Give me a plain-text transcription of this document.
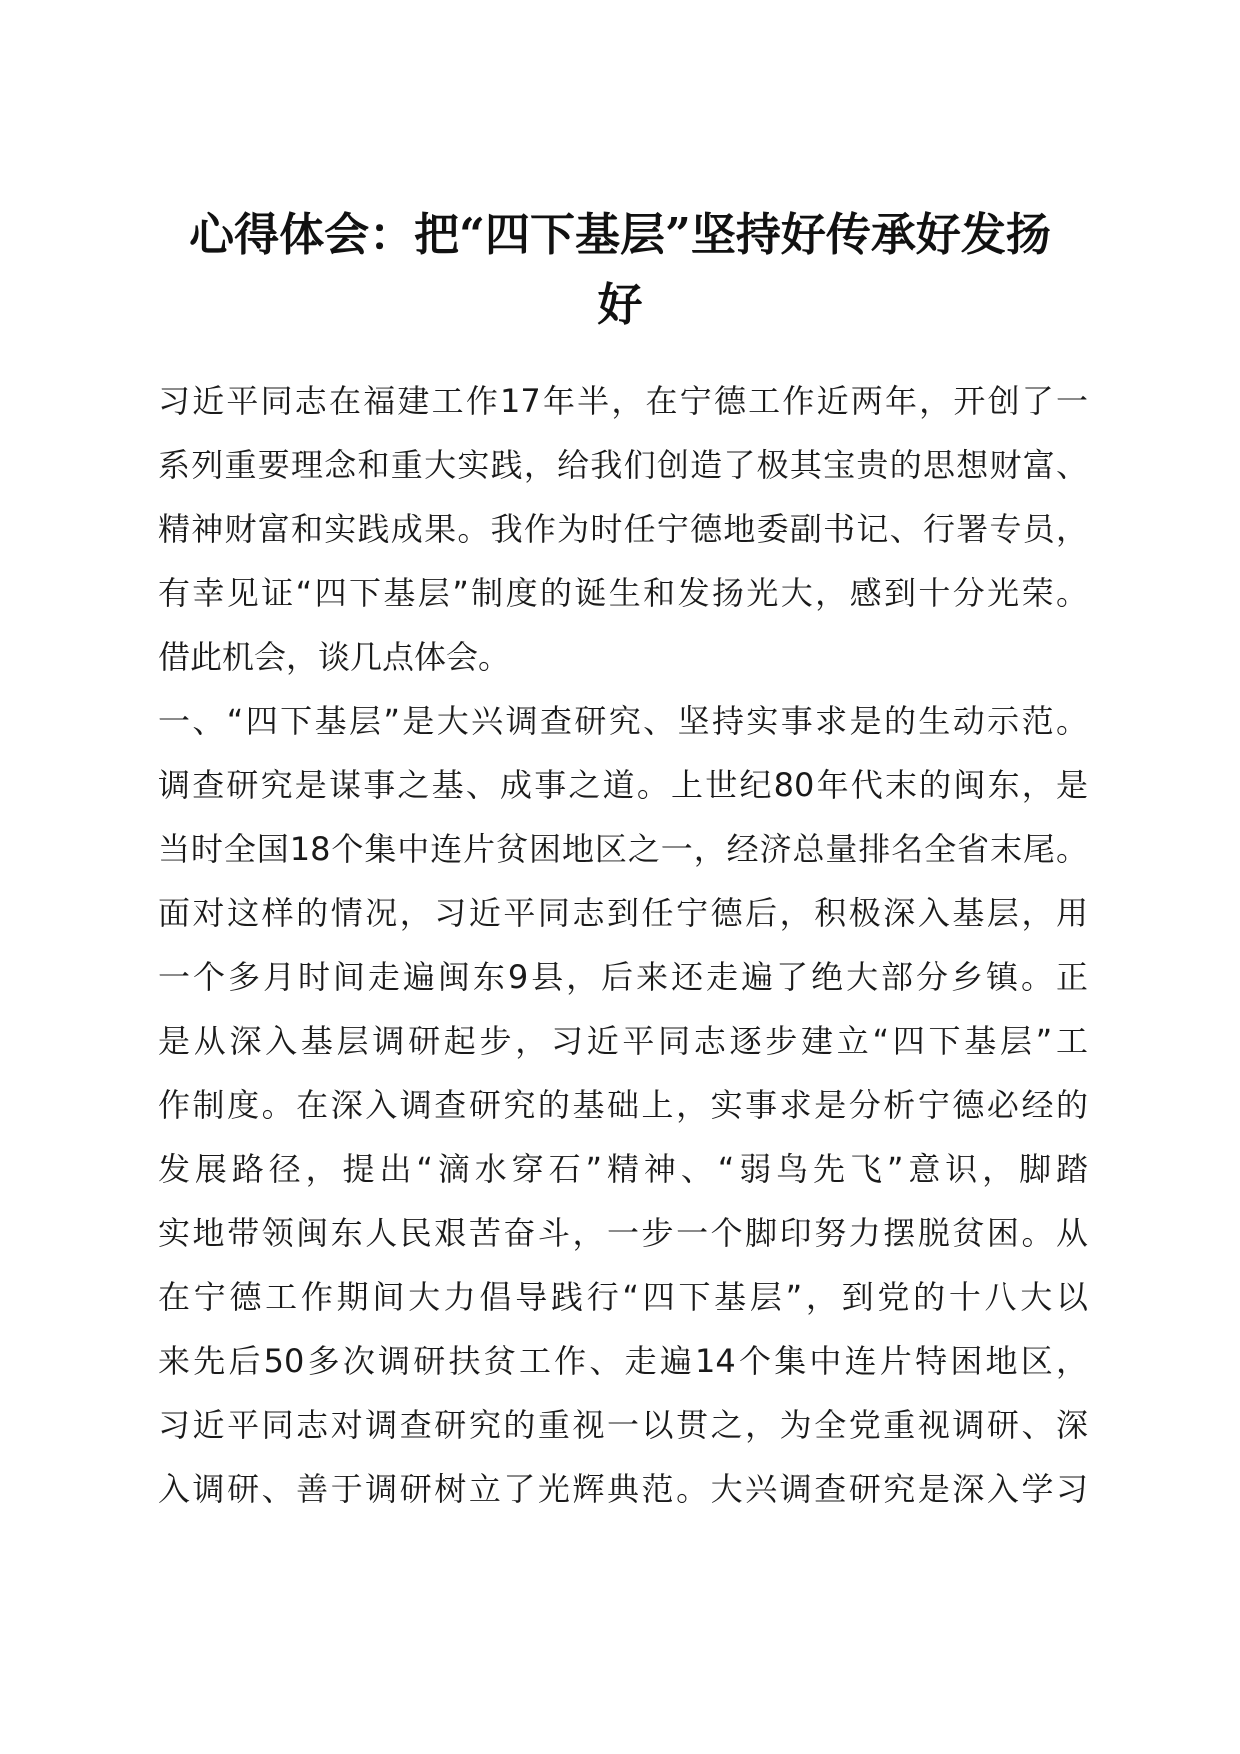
心得体会：把“四下基层”坚持好传承好发扬
好
习近平同志在福建工作17年半，在宁德工作近两年，开创了一
系列重要理念和重大实践，给我们创造了极其宝贵的思想财富、
精神财富和实践成果。我作为时任宁德地委副书记、行署专员，
有幸见证“四下基层”制度的诞生和发扬光大，感到十分光荣。
借此机会，谈几点体会。
一、“四下基层”是大兴调查研究、坚持实事求是的生动示范。
调查研究是谋事之基、成事之道。上世纪80年代末的闽东，是
当时全国18个集中连片贫困地区之一，经济总量排名全省末尾。
面对这样的情况，习近平同志到任宁德后，积极深入基层，用
一个多月时间走遍闽东9县，后来还走遍了绝大部分乡镇。正
是从深入基层调研起步，习近平同志逐步建立“四下基层”工
作制度。在深入调查研究的基础上，实事求是分析宁德必经的
发展路径，提出“滴水穿石”精神、“弱鸟先飞”意识，脚踏
实地带领闽东人民艰苦奋斗，一步一个脚印努力摆脱贫困。从
在宁德工作期间大力倡导践行“四下基层”，到党的十八大以
来先后50多次调研扶贫工作、走遍14个集中连片特困地区，
习近平同志对调查研究的重视一以贯之，为全党重视调研、深
入调研、善于调研树立了光辉典范。大兴调查研究是深入学习
